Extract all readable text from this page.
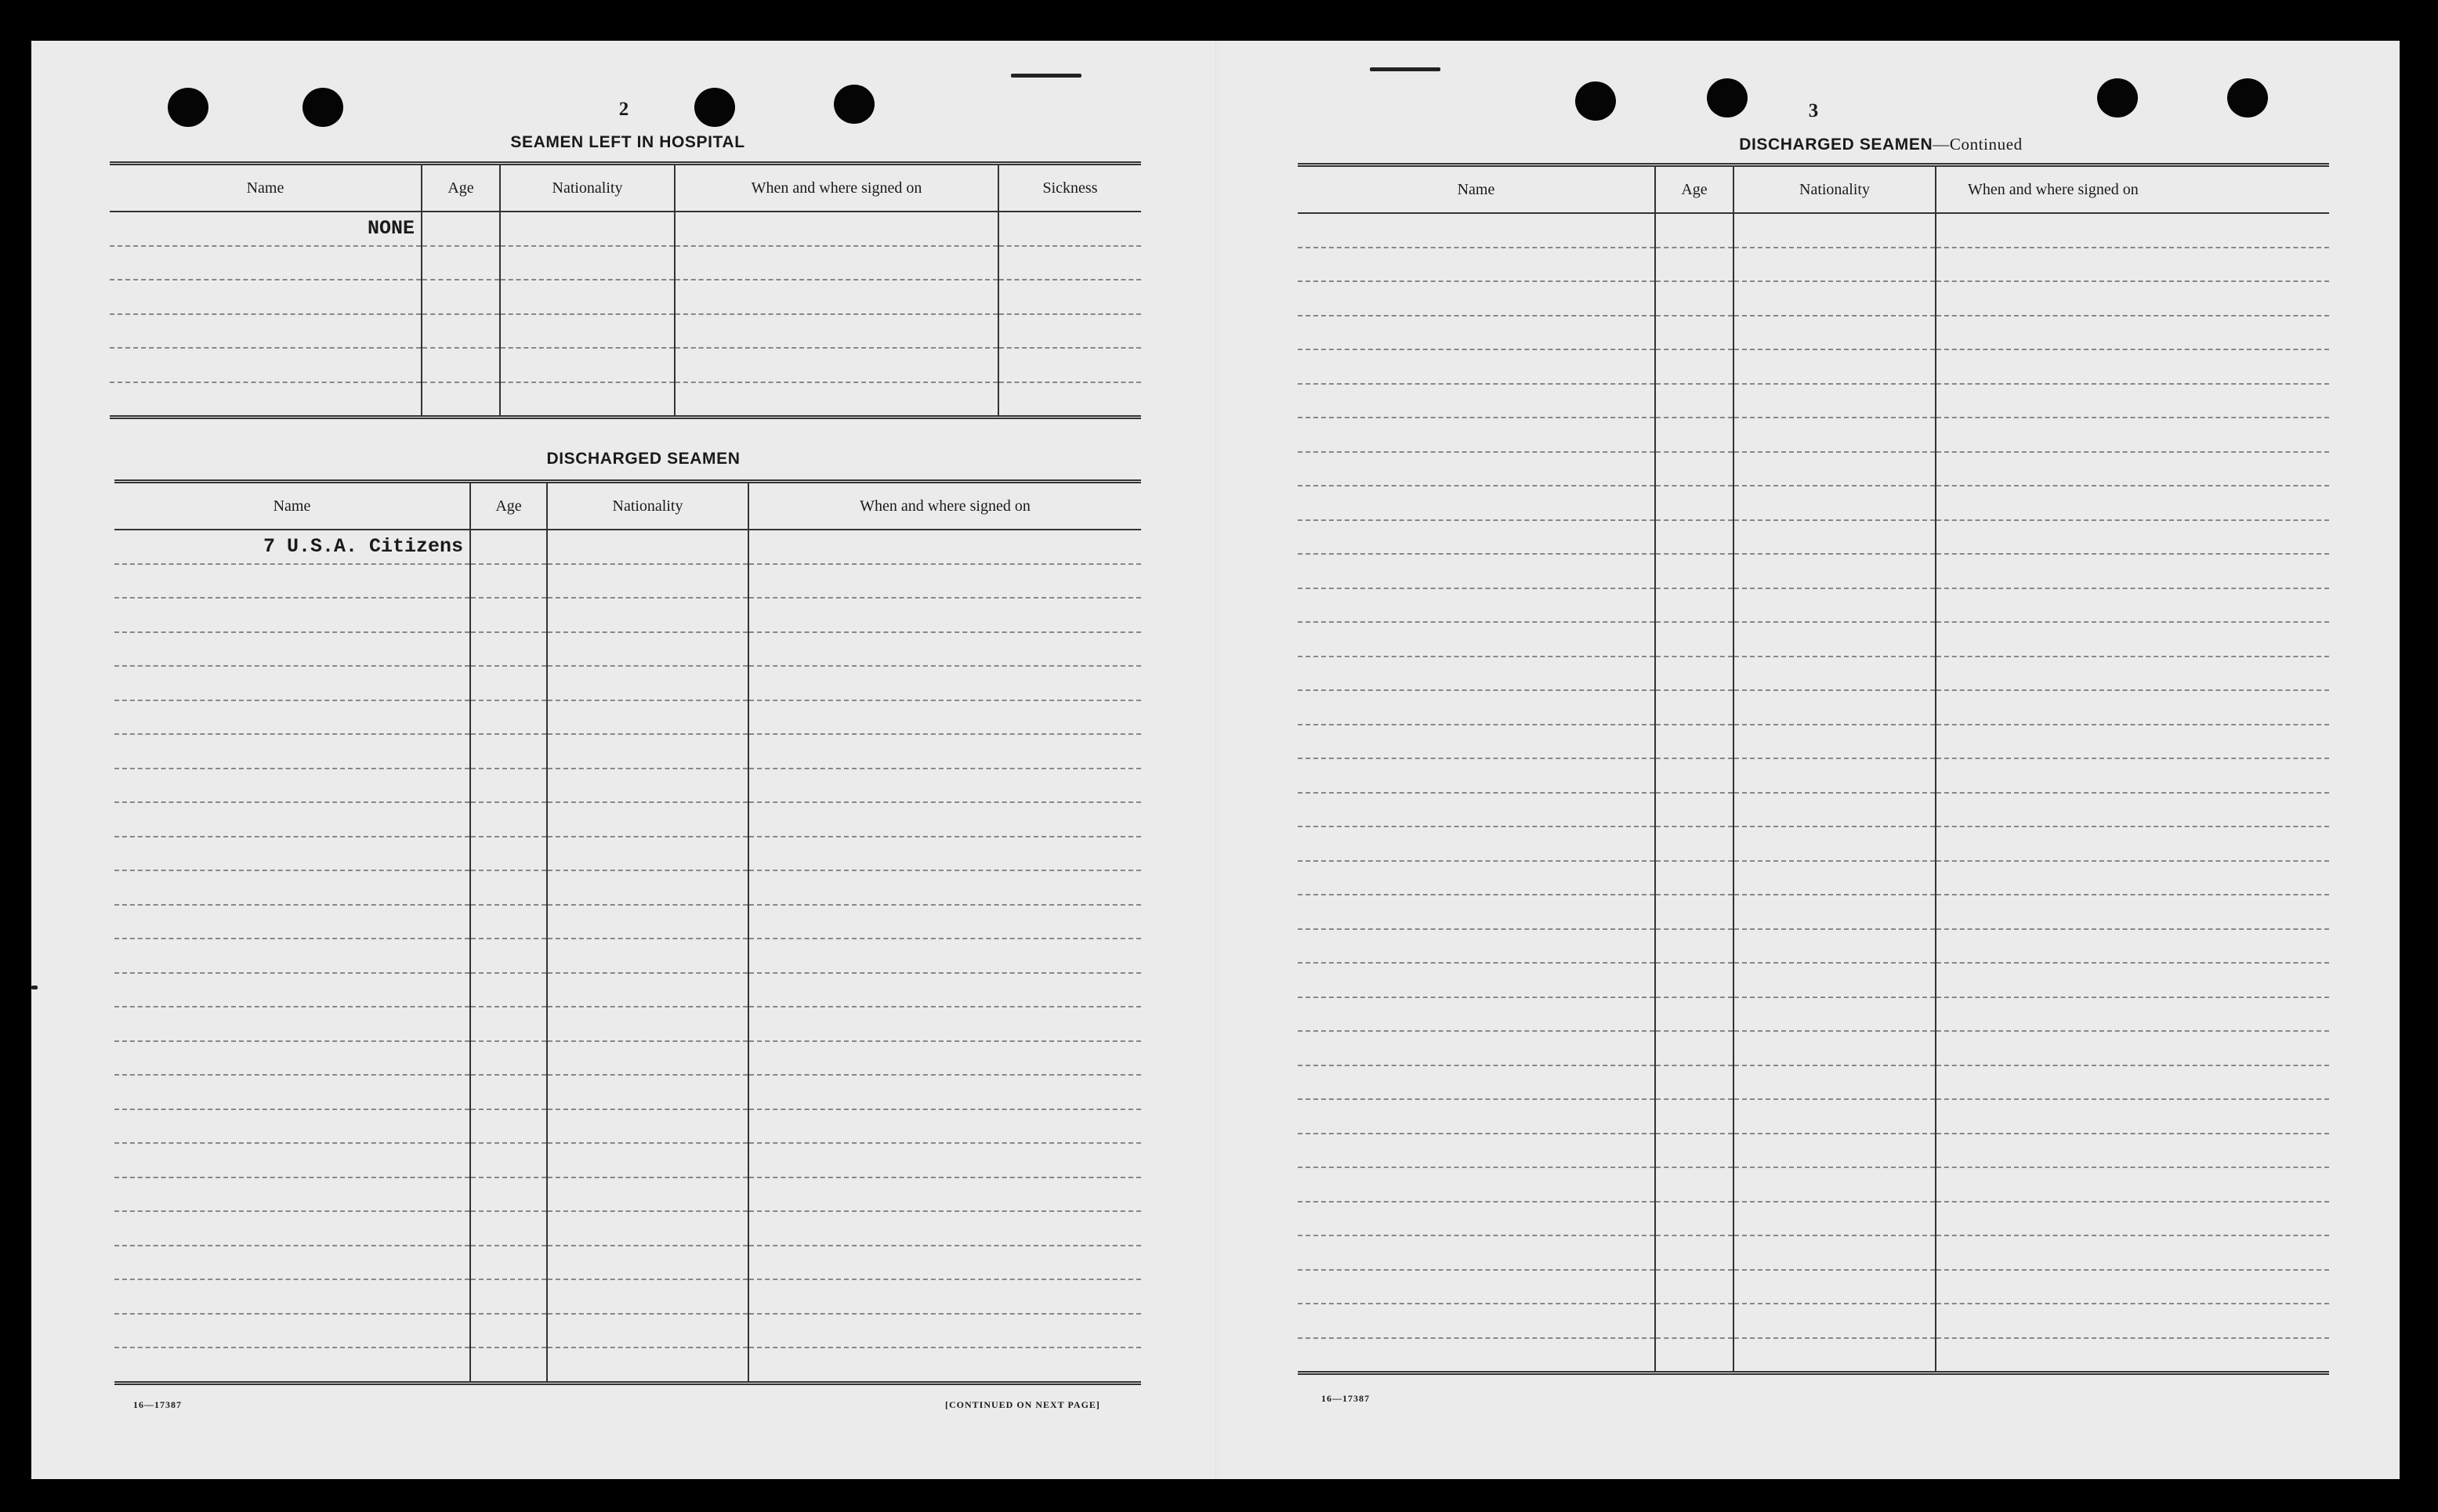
2
SEAMEN LEFT IN HOSPITAL
Name	Age	Nationality	When and where signed on	Sickness
NONE				

DISCHARGED SEAMEN
Name	Age	Nationality	When and where signed on
7 U.S.A. Citizens			

16—17387	[CONTINUED ON NEXT PAGE]
3
DISCHARGED SEAMEN—Continued
Name	Age	Nationality	When and where signed on

16—17387
